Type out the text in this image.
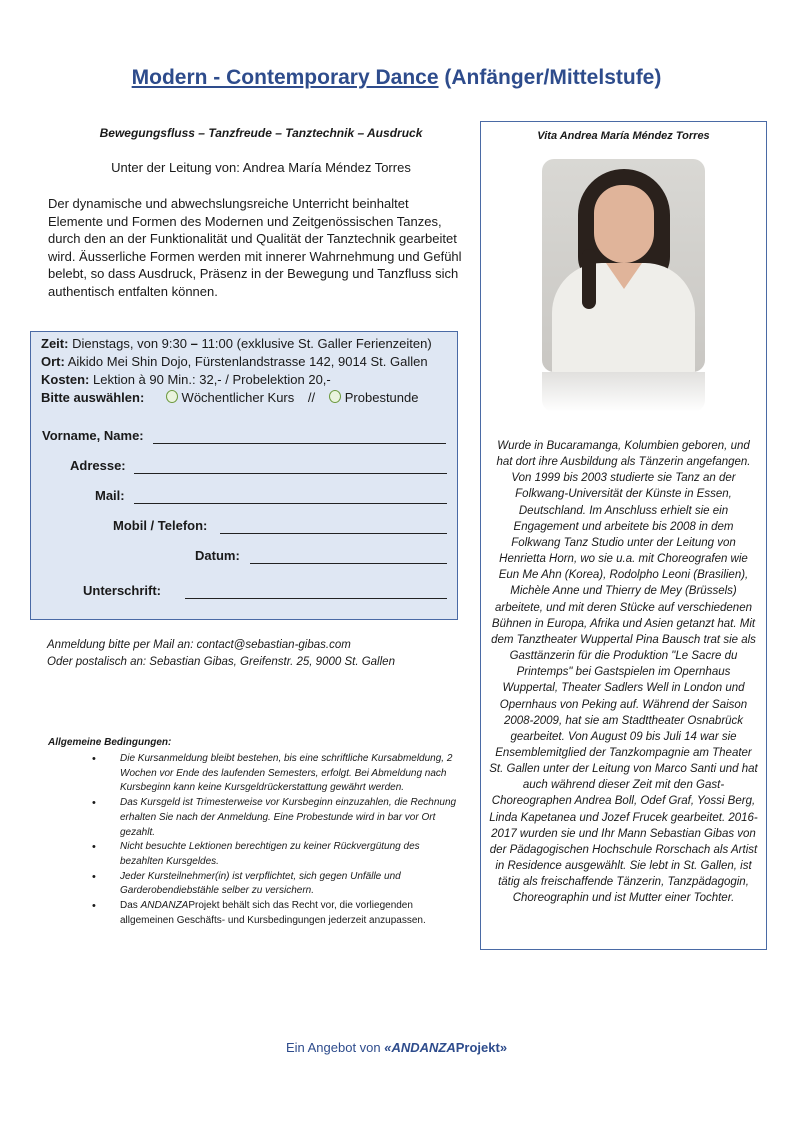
Modern - Contemporary Dance (Anfänger/Mittelstufe)
Bewegungsfluss – Tanzfreude – Tanztechnik – Ausdruck
Unter der Leitung von: Andrea María Méndez Torres
Der dynamische und abwechslungsreiche Unterricht beinhaltet Elemente und Formen des Modernen und Zeitgenössischen Tanzes, durch den an der Funktionalität und Qualität der Tanztechnik gearbeitet wird. Äusserliche Formen werden mit innerer Wahrnehmung und Gefühl belebt, so dass Ausdruck, Präsenz in der Bewegung und Tanzfluss sich authentisch entfalten können.
Zeit: Dienstags, von 9:30 – 11:00 (exklusive St. Galler Ferienzeiten)
Ort: Aikido Mei Shin Dojo, Fürstenlandstrasse 142, 9014 St. Gallen
Kosten: Lektion à 90 Min.: 32,- / Probelektion 20,-
Bitte auswählen:	Wöchentlicher Kurs // Probestunde
Vorname, Name:
Adresse:
Mail:
Mobil / Telefon:
Datum:
Unterschrift:
Anmeldung bitte per Mail an: contact@sebastian-gibas.com
Oder postalisch an: Sebastian Gibas, Greifenstr. 25, 9000 St. Gallen
Allgemeine Bedingungen:
• Die Kursanmeldung bleibt bestehen, bis eine schriftliche Kursabmeldung, 2 Wochen vor Ende des laufenden Semesters, erfolgt. Bei Abmeldung nach Kursbeginn kann keine Kursgeldrückerstattung gewährt werden.
• Das Kursgeld ist Trimesterweise vor Kursbeginn einzuzahlen, die Rechnung erhalten Sie nach der Anmeldung. Eine Probestunde wird in bar vor Ort gezahlt.
• Nicht besuchte Lektionen berechtigen zu keiner Rückvergütung des bezahlten Kursgeldes.
• Jeder Kursteilnehmer(in) ist verpflichtet, sich gegen Unfälle und Garderobendiebstähle selber zu versichern.
• Das ANDANZAProjekt behält sich das Recht vor, die vorliegenden allgemeinen Geschäfts- und Kursbedingungen jederzeit anzupassen.
Vita Andrea María Méndez Torres
Wurde in Bucaramanga, Kolumbien geboren, und hat dort ihre Ausbildung als Tänzerin angefangen. Von 1999 bis 2003 studierte sie Tanz an der Folkwang-Universität der Künste in Essen, Deutschland. Im Anschluss erhielt sie ein Engagement und arbeitete bis 2008 in dem Folkwang Tanz Studio unter der Leitung von Henrietta Horn, wo sie u.a. mit Choreografen wie Eun Me Ahn (Korea), Rodolpho Leoni (Brasilien), Michèle Anne und Thierry de Mey (Brüssels) arbeitete, und mit deren Stücke auf verschiedenen Bühnen in Europa, Afrika und Asien getanzt hat. Mit dem Tanztheater Wuppertal Pina Bausch trat sie als Gasttänzerin für die Produktion "Le Sacre du Printemps" bei Gastspielen im Opernhaus Wuppertal, Theater Sadlers Well in London und Opernhaus von Peking auf. Während der Saison 2008-2009, hat sie am Stadttheater Osnabrück gearbeitet. Von August 09 bis Juli 14 war sie Ensemblemitglied der Tanzkompagnie am Theater St. Gallen unter der Leitung von Marco Santi und hat auch während dieser Zeit mit den Gast-Choreographen Andrea Boll, Odef Graf, Yossi Berg, Linda Kapetanea und Jozef Frucek gearbeitet. 2016-2017 wurden sie und Ihr Mann Sebastian Gibas von der Pädagogischen Hochschule Rorschach als Artist in Residence ausgewählt. Sie lebt in St. Gallen, ist tätig als freischaffende Tänzerin, Tanzpädagogin, Choreographin und ist Mutter einer Tochter.
Ein Angebot von «ANDANZAProjekt»
